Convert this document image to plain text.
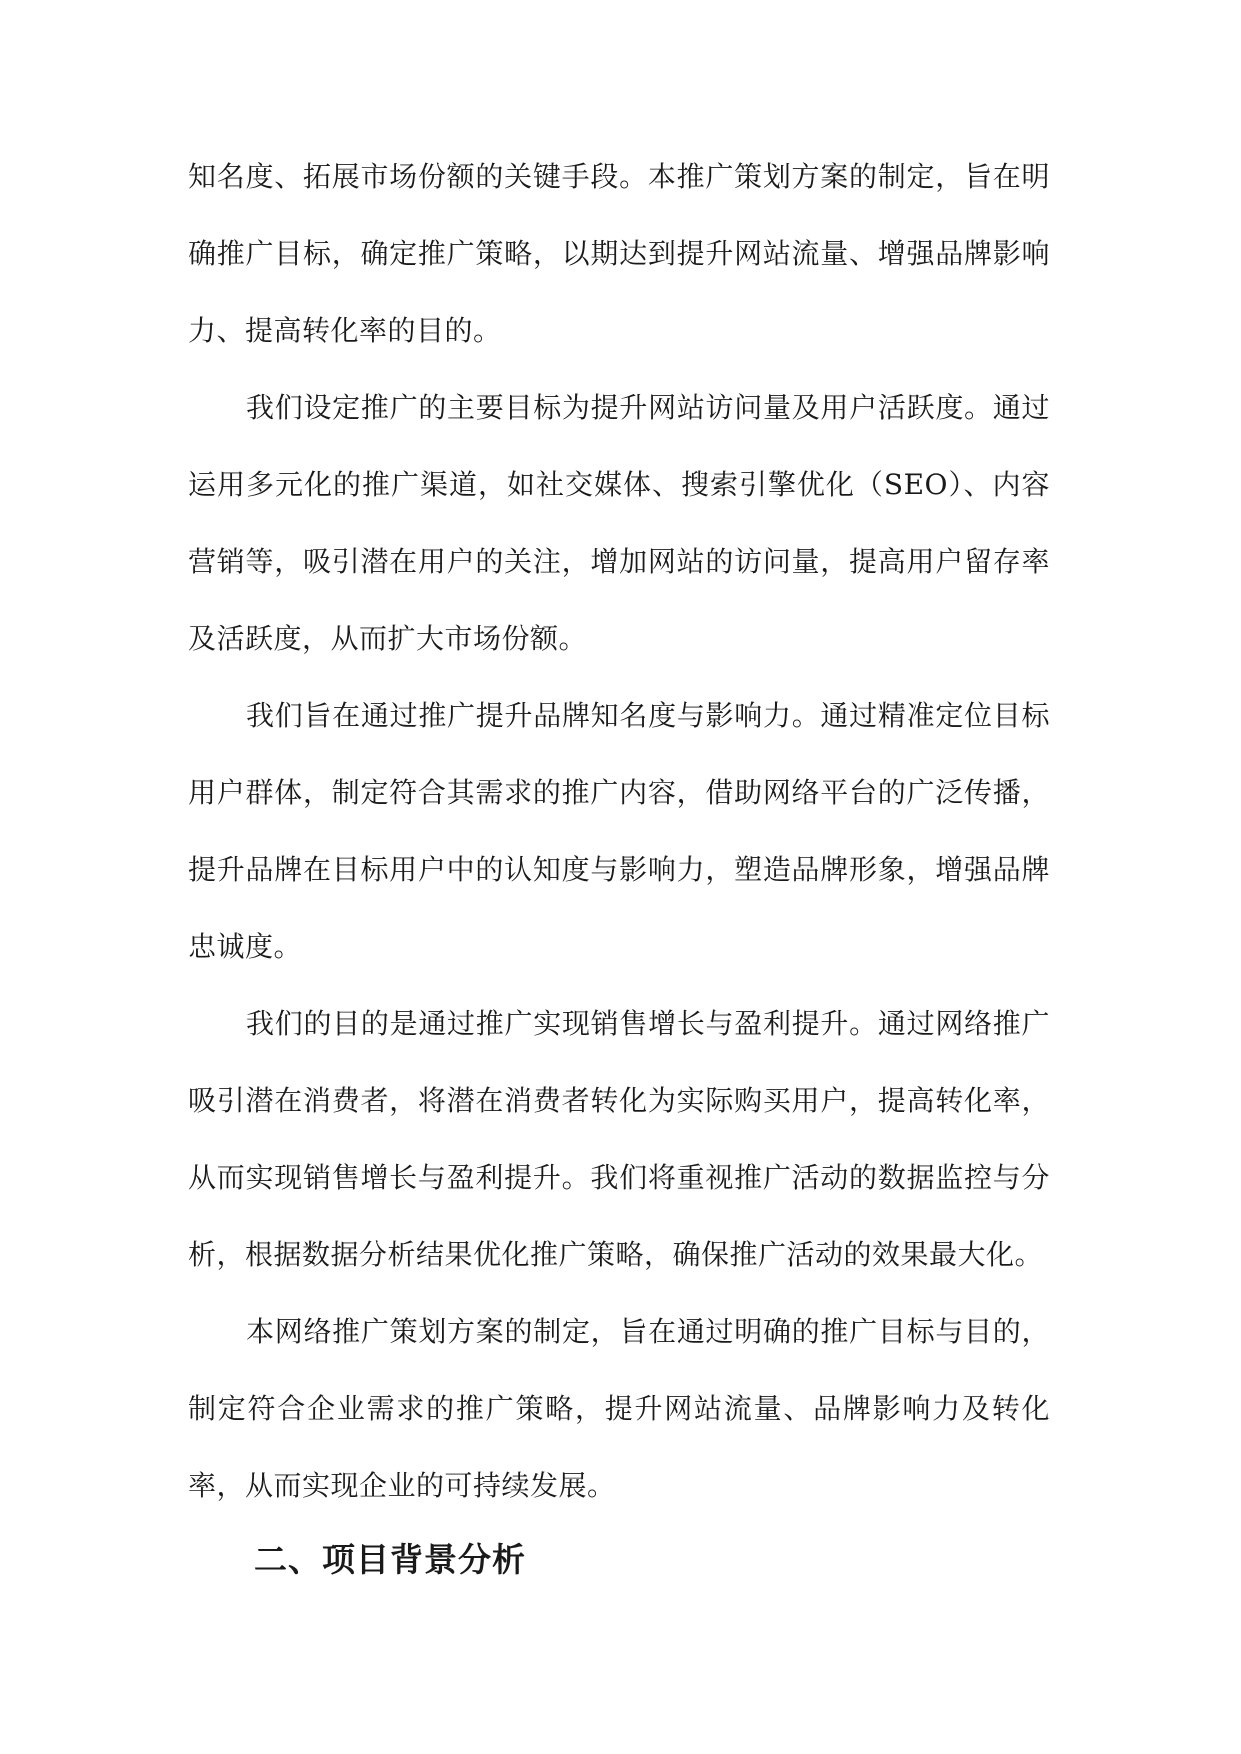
知名度、拓展市场份额的关键手段。本推广策划方案的制定，旨在明确推广目标，确定推广策略，以期达到提升网站流量、增强品牌影响力、提高转化率的目的。

我们设定推广的主要目标为提升网站访问量及用户活跃度。通过运用多元化的推广渠道，如社交媒体、搜索引擎优化（SEO）、内容营销等，吸引潜在用户的关注，增加网站的访问量，提高用户留存率及活跃度，从而扩大市场份额。

我们旨在通过推广提升品牌知名度与影响力。通过精准定位目标用户群体，制定符合其需求的推广内容，借助网络平台的广泛传播，提升品牌在目标用户中的认知度与影响力，塑造品牌形象，增强品牌忠诚度。

我们的目的是通过推广实现销售增长与盈利提升。通过网络推广吸引潜在消费者，将潜在消费者转化为实际购买用户，提高转化率，从而实现销售增长与盈利提升。我们将重视推广活动的数据监控与分析，根据数据分析结果优化推广策略，确保推广活动的效果最大化。

本网络推广策划方案的制定，旨在通过明确的推广目标与目的，制定符合企业需求的推广策略，提升网站流量、品牌影响力及转化率，从而实现企业的可持续发展。

二、项目背景分析
